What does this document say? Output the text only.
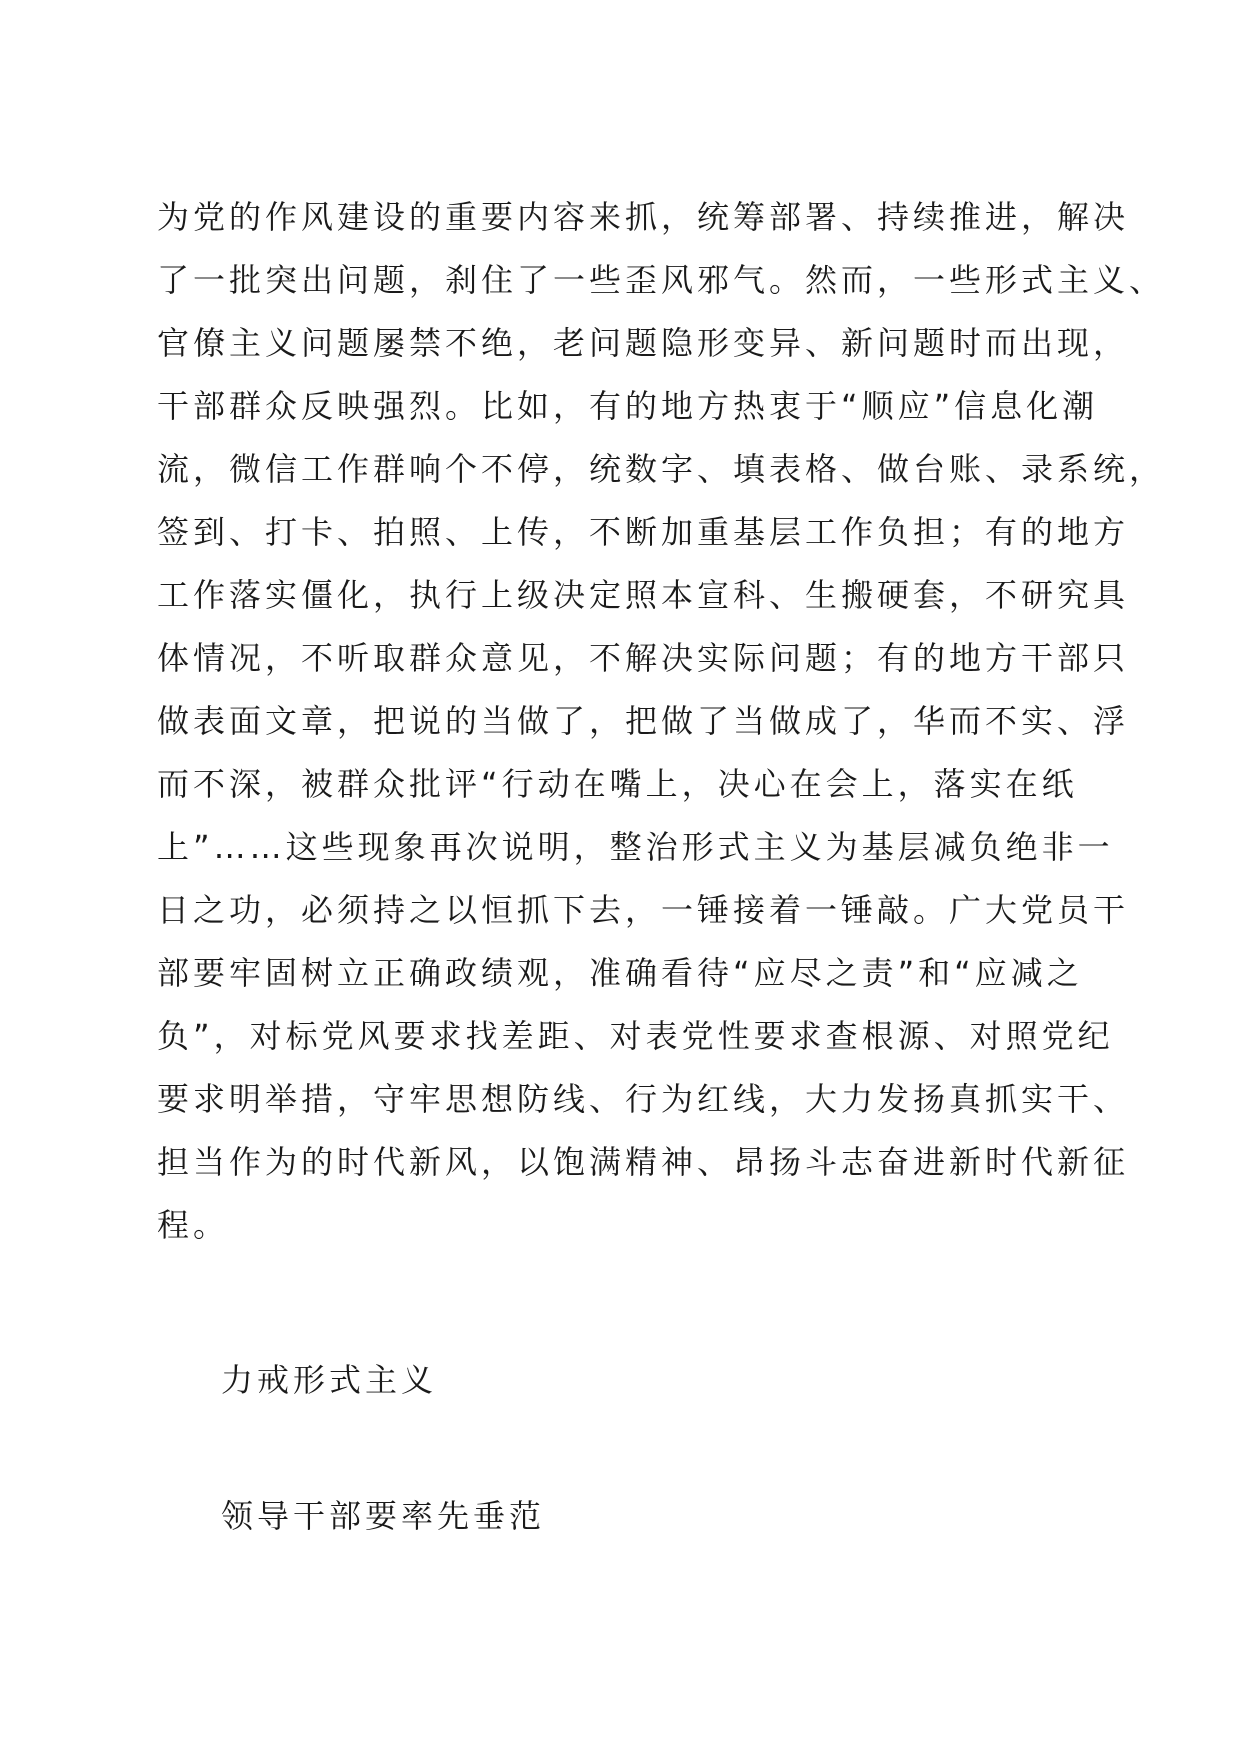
为党的作风建设的重要内容来抓，统筹部署、持续推进，解决
了一批突出问题，刹住了一些歪风邪气。然而，一些形式主义、
官僚主义问题屡禁不绝，老问题隐形变异、新问题时而出现，
干部群众反映强烈。比如，有的地方热衷于“顺应”信息化潮
流，微信工作群响个不停，统数字、填表格、做台账、录系统，
签到、打卡、拍照、上传，不断加重基层工作负担；有的地方
工作落实僵化，执行上级决定照本宣科、生搬硬套，不研究具
体情况，不听取群众意见，不解决实际问题；有的地方干部只
做表面文章，把说的当做了，把做了当做成了，华而不实、浮
而不深，被群众批评“行动在嘴上，决心在会上，落实在纸
上”……这些现象再次说明，整治形式主义为基层减负绝非一
日之功，必须持之以恒抓下去，一锤接着一锤敲。广大党员干
部要牢固树立正确政绩观，准确看待“应尽之责”和“应减之
负”，对标党风要求找差距、对表党性要求查根源、对照党纪
要求明举措，守牢思想防线、行为红线，大力发扬真抓实干、
担当作为的时代新风，以饱满精神、昂扬斗志奋进新时代新征
程。
力戒形式主义
领导干部要率先垂范
